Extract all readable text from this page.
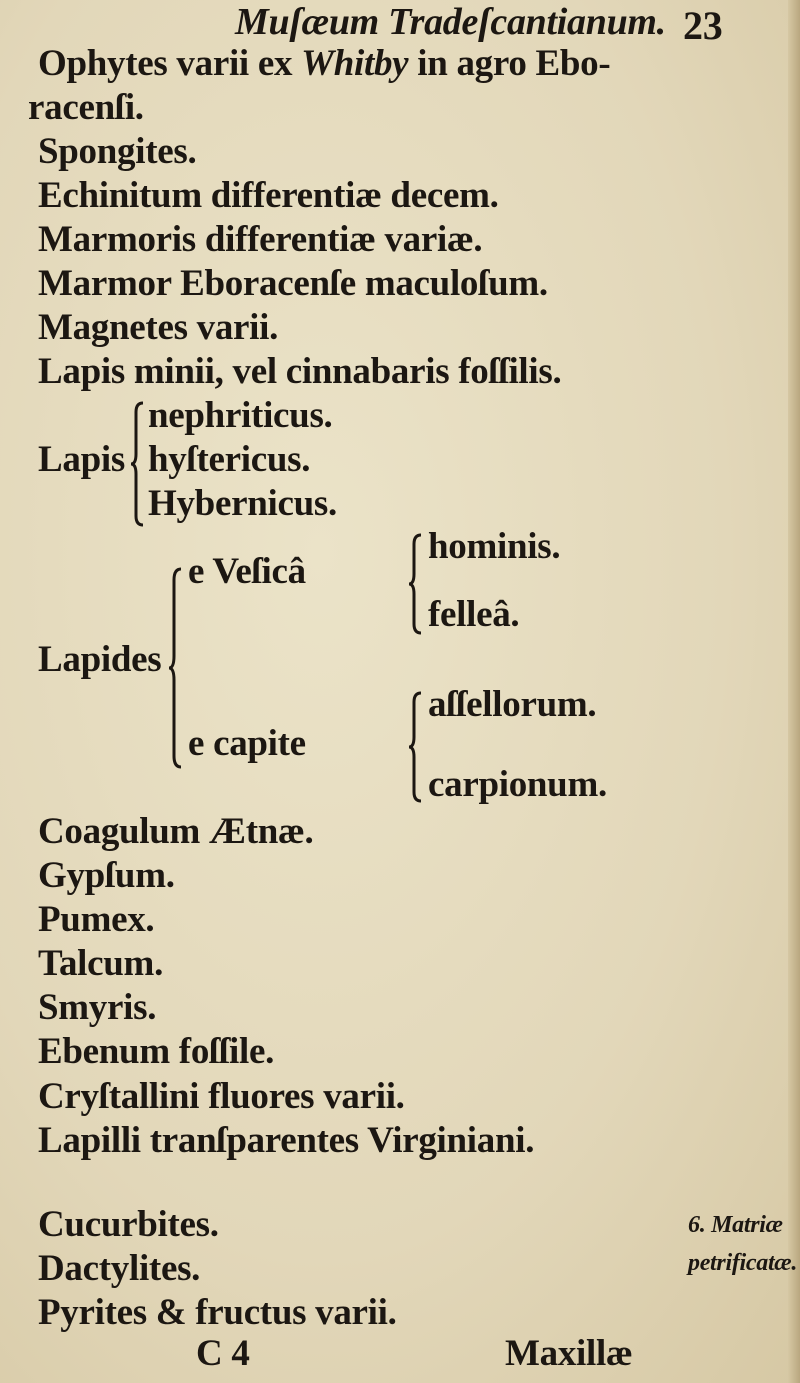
Muſæum Tradeſcantianum. 23
Ophytes varii ex Whitby in agro Ebo-
racenſi.
Spongites.
Echinitum differentiæ decem.
Marmoris differentiæ variæ.
Marmor Eboracenſe maculoſum.
Magnetes varii.
Lapis minii, vel cinnabaris foſſilis.
Lapis
nephriticus.
hyſtericus.
Hybernicus.
Lapides
e Veſicâ
hominis.
felleâ.
e capite
aſſellorum.
carpionum.
Coagulum Ætnæ.
Gypſum.
Pumex.
Talcum.
Smyris.
Ebenum foſſile.
Cryſtallini fluores varii.
Lapilli tranſparentes Virginiani.
Cucurbites.
Dactylites.
Pyrites & fructus varii.
6. Matriæ
petrificatæ.
C 4	Maxillæ
